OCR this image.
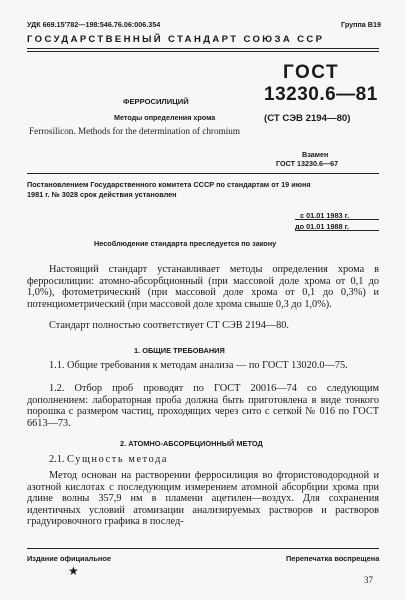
УДК 669.15'782—198:546.76.06:006.354	Группа В19
ГОСУДАРСТВЕННЫЙ СТАНДАРТ СОЮЗА ССР
ГОСТ
13230.6—81
(СТ СЭВ 2194—80)
Взамен
ГОСТ 13230.6—67
ФЕРРОСИЛИЦИЙ
Методы определения хрома
Ferrosilicon. Methods for the determination of chromium
Постановлением Государственного комитета СССР по стандартам от 19 июня
1981 г. № 3028 срок действия установлен
с 01.01 1983 г.
до 01.01 1988 г.
Несоблюдение стандарта преследуется по закону
Настоящий стандарт устанавливает методы определения хрома в ферросилиции: атомно-абсорбционный (при массовой доле хрома от 0,1 до 1,0%), фотометрический (при массовой доле хрома от 0,1 до 0,3%) и потенциометрический (при массовой доле хрома свыше 0,3 до 1,0%).
Стандарт полностью соответствует СТ СЭВ 2194—80.
1. ОБЩИЕ ТРЕБОВАНИЯ
1.1. Общие требования к методам анализа — по ГОСТ 13020.0—75.
1.2. Отбор проб проводят по ГОСТ 20016—74 со следующим дополнением: лабораторная проба должна быть приготовлена в виде тонкого порошка с размером частиц, проходящих через сито с сеткой № 016 по ГОСТ 6613—73.
2. АТОМНО-АБСОРБЦИОННЫЙ МЕТОД
2.1. Сущность метода
Метод основан на растворении ферросилиция во фтористоводородной и азотной кислотах с последующим измерением атомной абсорбции хрома при длине волны 357,9 нм в пламени ацетилен—воздух. Для сохранения идентичных условий атомизации анализируемых растворов и растворов градуировочного графика в послед-
Издание официальное	Перепечатка воспрещена
★
37
